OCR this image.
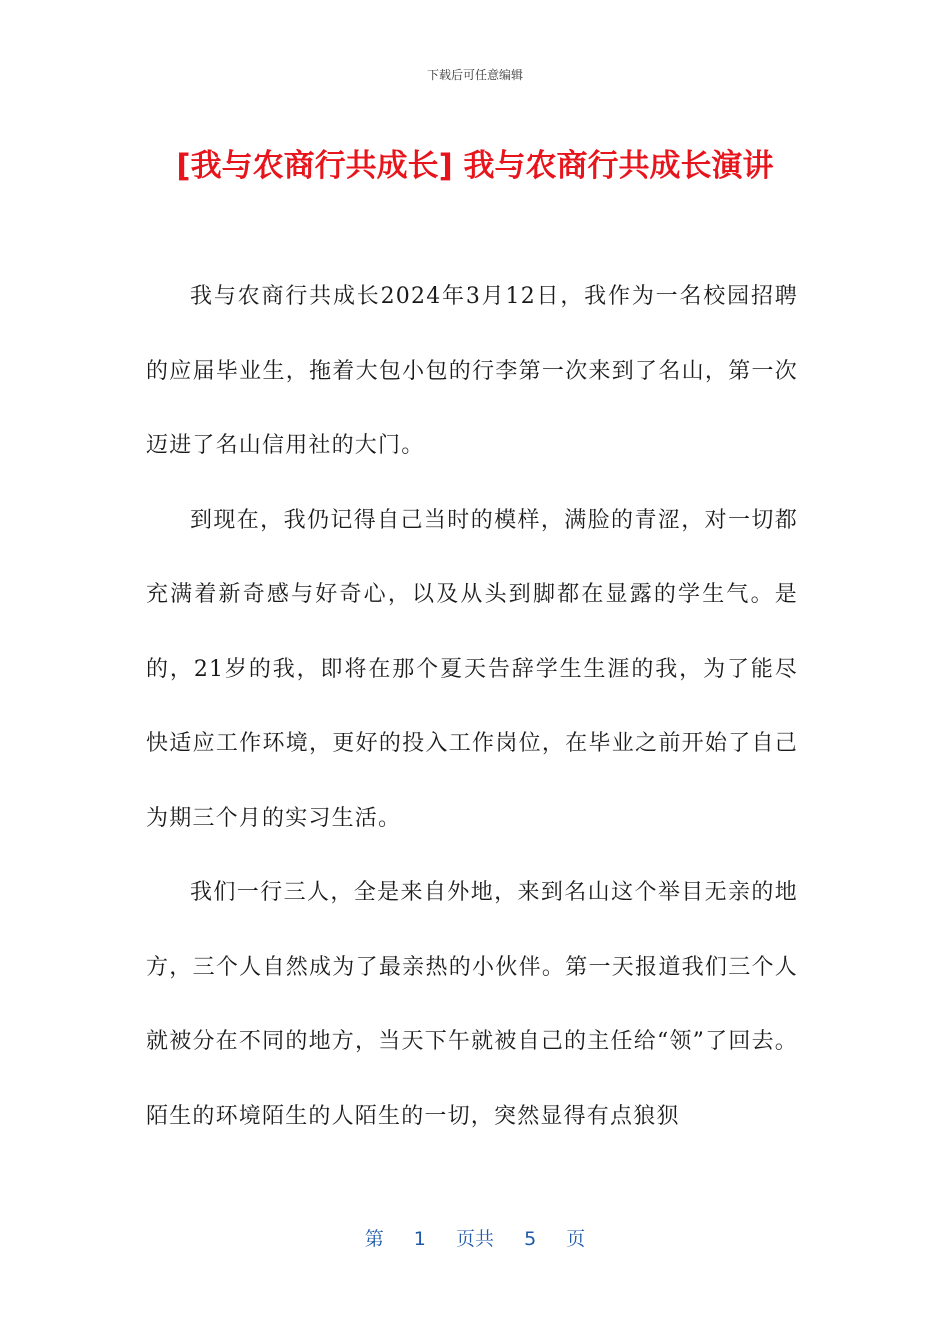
下载后可任意编辑
[我与农商行共成长] 我与农商行共成长演讲

我与农商行共成长2024年3月12日，我作为一名校园招聘的应届毕业生，拖着大包小包的行李第一次来到了名山，第一次迈进了名山信用社的大门。

到现在，我仍记得自己当时的模样，满脸的青涩，对一切都充满着新奇感与好奇心，以及从头到脚都在显露的学生气。是的，21岁的我，即将在那个夏天告辞学生生涯的我，为了能尽快适应工作环境，更好的投入工作岗位，在毕业之前开始了自己为期三个月的实习生活。

我们一行三人，全是来自外地，来到名山这个举目无亲的地方，三个人自然成为了最亲热的小伙伴。第一天报道我们三个人就被分在不同的地方，当天下午就被自己的主任给“领”了回去。陌生的环境陌生的人陌生的一切，突然显得有点狼狈

第 1 页共 5 页
